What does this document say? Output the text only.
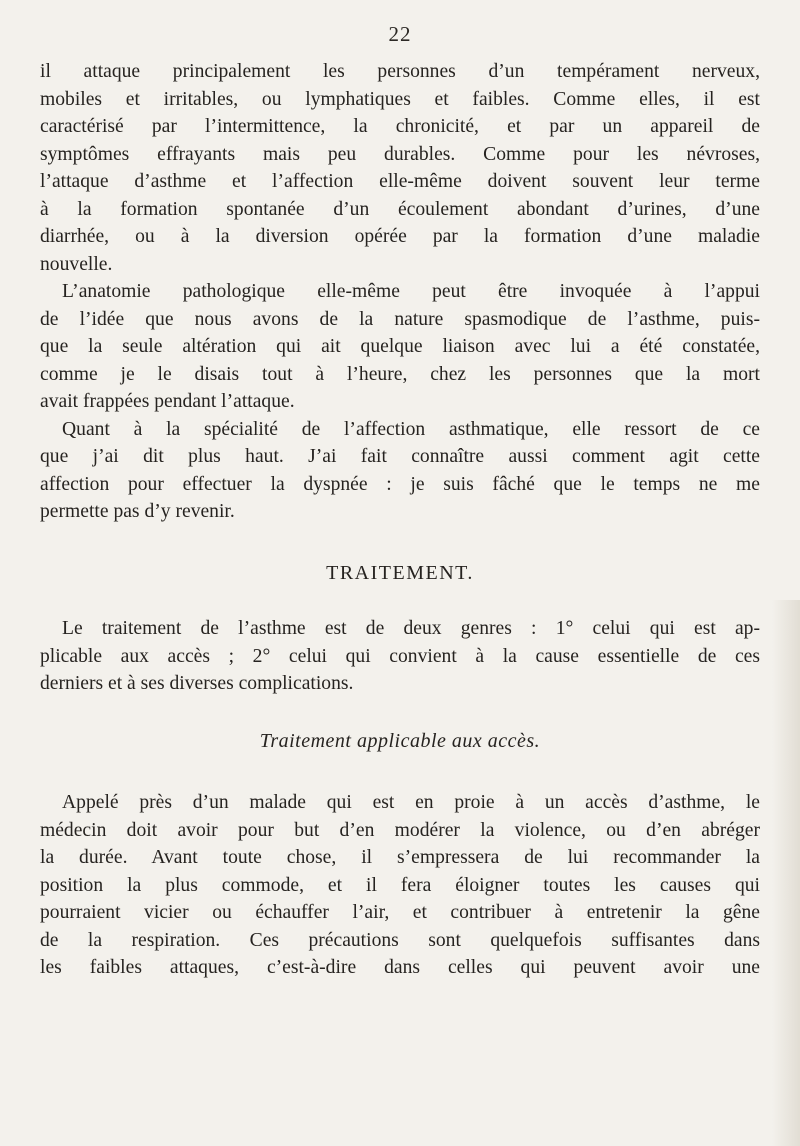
22
il attaque principalement les personnes d’un tempérament nerveux,
mobiles et irritables, ou lymphatiques et faibles. Comme elles, il est
caractérisé par l’intermittence, la chronicité, et par un appareil de
symptômes effrayants mais peu durables. Comme pour les névroses,
l’attaque d’asthme et l’affection elle-même doivent souvent leur terme
à la formation spontanée d’un écoulement abondant d’urines, d’une
diarrhée, ou à la diversion opérée par la formation d’une maladie
nouvelle.
L’anatomie pathologique elle-même peut être invoquée à l’appui
de l’idée que nous avons de la nature spasmodique de l’asthme, puis-
que la seule altération qui ait quelque liaison avec lui a été constatée,
comme je le disais tout à l’heure, chez les personnes que la mort
avait frappées pendant l’attaque.
Quant à la spécialité de l’affection asthmatique, elle ressort de ce
que j’ai dit plus haut. J’ai fait connaître aussi comment agit cette
affection pour effectuer la dyspnée : je suis fâché que le temps ne me
permette pas d’y revenir.
TRAITEMENT.
Le traitement de l’asthme est de deux genres : 1° celui qui est ap-
plicable aux accès ; 2° celui qui convient à la cause essentielle de ces
derniers et à ses diverses complications.
Traitement applicable aux accès.
Appelé près d’un malade qui est en proie à un accès d’asthme, le
médecin doit avoir pour but d’en modérer la violence, ou d’en abréger
la durée. Avant toute chose, il s’empressera de lui recommander la
position la plus commode, et il fera éloigner toutes les causes qui
pourraient vicier ou échauffer l’air, et contribuer à entretenir la gêne
de la respiration. Ces précautions sont quelquefois suffisantes dans
les faibles attaques, c’est-à-dire dans celles qui peuvent avoir une
